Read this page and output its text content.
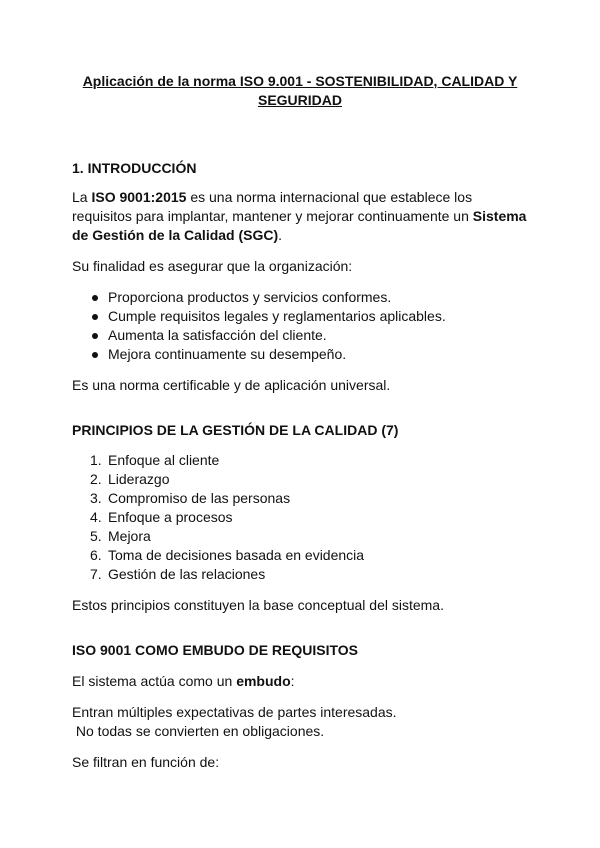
Aplicación de la norma ISO 9.001 - SOSTENIBILIDAD, CALIDAD Y SEGURIDAD
1. INTRODUCCIÓN

La ISO 9001:2015 es una norma internacional que establece los requisitos para implantar, mantener y mejorar continuamente un Sistema de Gestión de la Calidad (SGC).

Su finalidad es asegurar que la organización:

Proporciona productos y servicios conformes.
Cumple requisitos legales y reglamentarios aplicables.
Aumenta la satisfacción del cliente.
Mejora continuamente su desempeño.

Es una norma certificable y de aplicación universal.

PRINCIPIOS DE LA GESTIÓN DE LA CALIDAD (7)
1. Enfoque al cliente
2. Liderazgo
3. Compromiso de las personas
4. Enfoque a procesos
5. Mejora
6. Toma de decisiones basada en evidencia
7. Gestión de las relaciones

Estos principios constituyen la base conceptual del sistema.

ISO 9001 COMO EMBUDO DE REQUISITOS

El sistema actúa como un embudo:

Entran múltiples expectativas de partes interesadas.
No todas se convierten en obligaciones.

Se filtran en función de:
